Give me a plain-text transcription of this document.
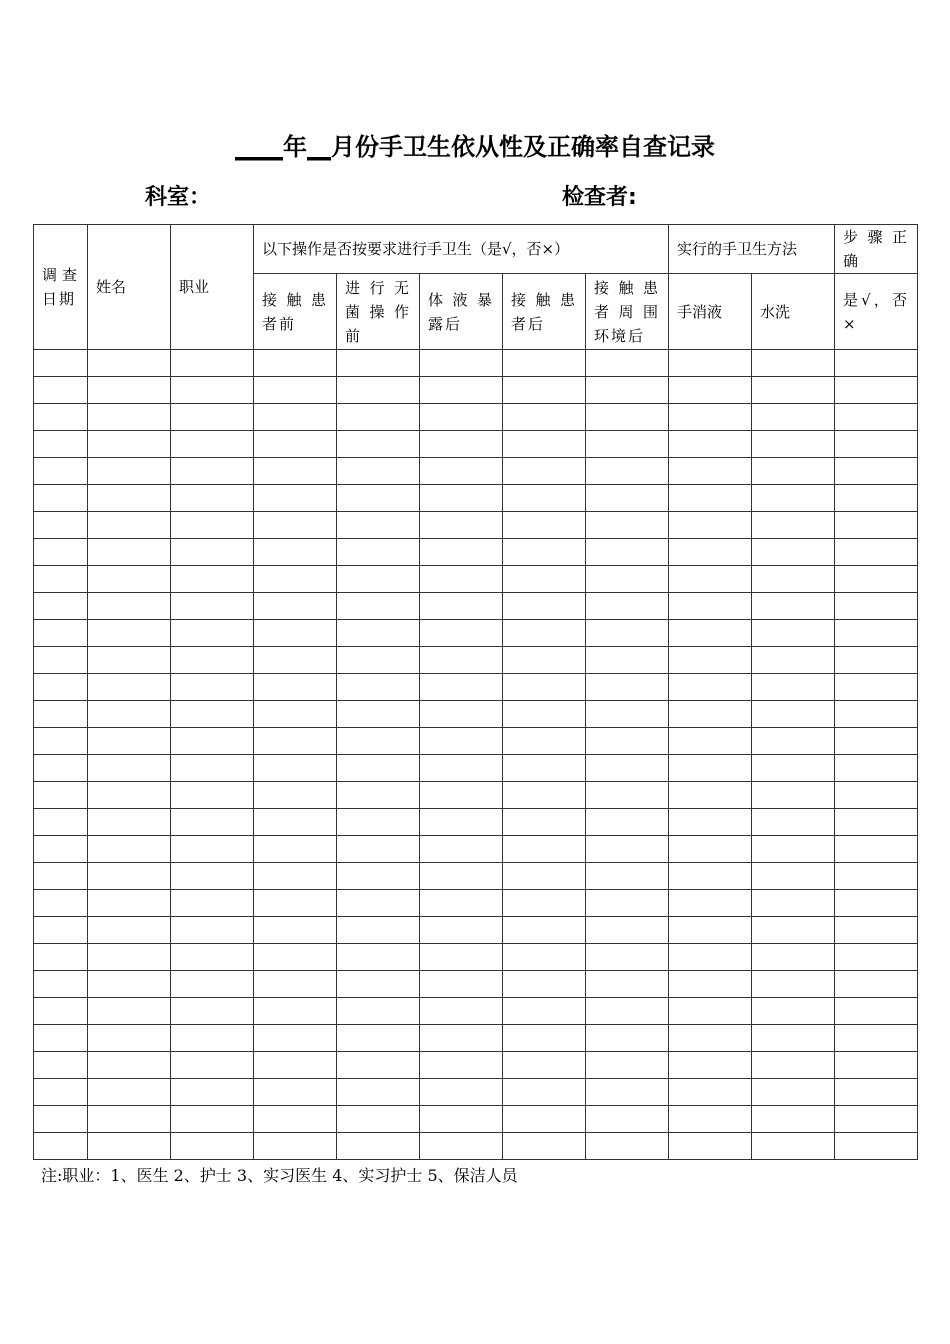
____年__月份手卫生依从性及正确率自查记录
科室：	检查者:
调查日期	姓名	职业	以下操作是否按要求进行手卫生（是√，否×）					实行的手卫生方法		步骤正确
			接触患者前	进行无菌操作前	体液暴露后	接触患者后	接触患者周围环境后	手消液	水洗	是√，否×

注:职业：1、医生 2、护士 3、实习医生 4、实习护士 5、保洁人员
